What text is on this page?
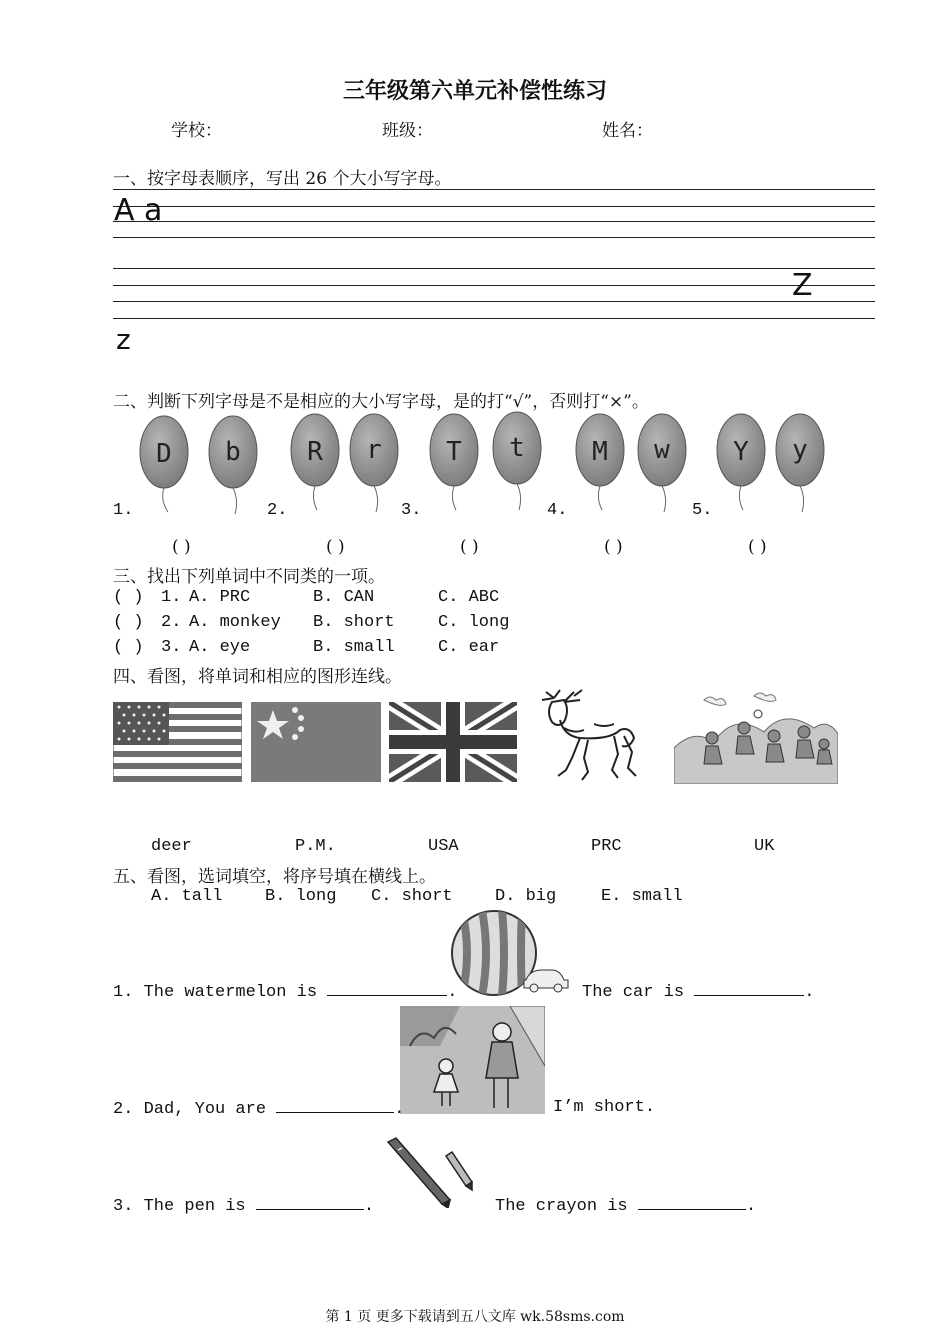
三年级第六单元补偿性练习
学校：	班级：	姓名：
一、按字母表顺序，写出 26 个大小写字母。
A a
Z
z
二、判断下列字母是不是相应的大小写字母，是的打“√”，否则打“×”。
D b	R r T t	M w Y y
1.	2.	3.	4.	5.
( )	( )	( )	( )	( )
三、找出下列单词中不同类的一项。
( ) 1. A. PRC	B. CAN	C. ABC
( ) 2. A. monkey B. short	C. long
( ) 3. A. eye	B. small	C. ear
四、看图，将单词和相应的图形连线。
deer	P.M.	USA	PRC	UK
五、看图，选词填空，将序号填在横线上。
A. tall	B. long C. short D. big	E. small
1. The watermelon is	.	The car is	.
2. Dad, You are	.	I’m short.
3. The pen is	.	The crayon is	.
第 1 页 更多下载请到五八文库 wk.58sms.com
